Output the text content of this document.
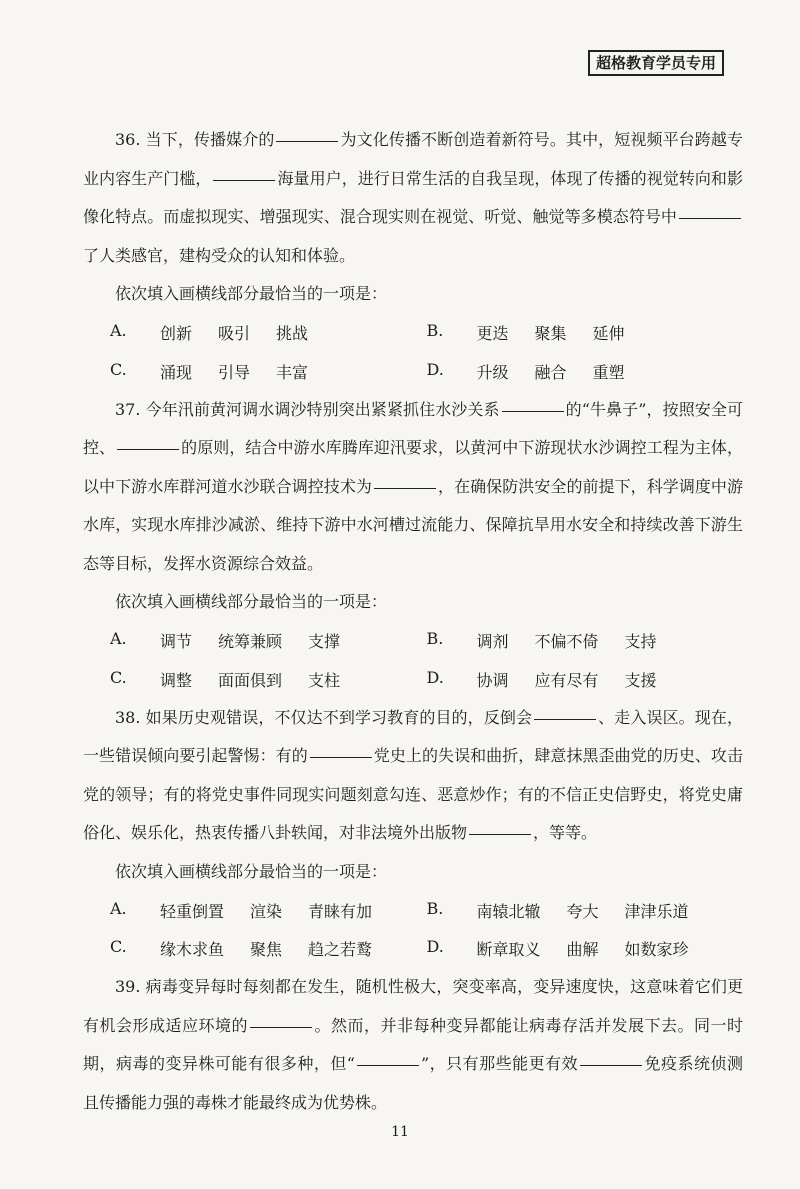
超格教育学员专用

36. 当下，传播媒介的	为文化传播不断创造着新符号。其中，短视频平台跨越专业内容生产门槛，	海量用户，进行日常生活的自我呈现，体现了传播的视觉转向和影像化特点。而虚拟现实、增强现实、混合现实则在视觉、听觉、触觉等多模态符号中了人类感官，建构受众的认知和体验。

依次填入画横线部分最恰当的一项是：

A.	创新 吸引 挑战	B.	更迭 聚集 延伸
C.	涌现 引导 丰富	D.	升级 融合 重塑

37. 今年汛前黄河调水调沙特别突出紧紧抓住水沙关系	的“牛鼻子”，按照安全可控、	的原则，结合中游水库腾库迎汛要求，以黄河中下游现状水沙调控工程为主体，以中下游水库群河道水沙联合调控技术为	，在确保防洪安全的前提下，科学调度中游水库，实现水库排沙减淤、维持下游中水河槽过流能力、保障抗旱用水安全和持续改善下游生态等目标，发挥水资源综合效益。

依次填入画横线部分最恰当的一项是：

A.	调节 统筹兼顾 支撑	B.	调剂 不偏不倚 支持
C.	调整 面面俱到 支柱	D.	协调 应有尽有 支援

38. 如果历史观错误，不仅达不到学习教育的目的，反倒会	、走入误区。现在，一些错误倾向要引起警惕：有的	党史上的失误和曲折，肆意抹黑歪曲党的历史、攻击党的领导；有的将党史事件同现实问题刻意勾连、恶意炒作；有的不信正史信野史，将党史庸俗化、娱乐化，热衷传播八卦轶闻，对非法境外出版物	，等等。

依次填入画横线部分最恰当的一项是：

A.	轻重倒置 渲染 青睐有加	B.	南辕北辙 夸大 津津乐道
C.	缘木求鱼 聚焦 趋之若鹜	D.	断章取义 曲解 如数家珍

39. 病毒变异每时每刻都在发生，随机性极大，突变率高，变异速度快，这意味着它们更有机会形成适应环境的	。然而，并非每种变异都能让病毒存活并发展下去。同一时期，病毒的变异株可能有很多种，但“	”，只有那些能更有效	免疫系统侦测且传播能力强的毒株才能最终成为优势株。

11
